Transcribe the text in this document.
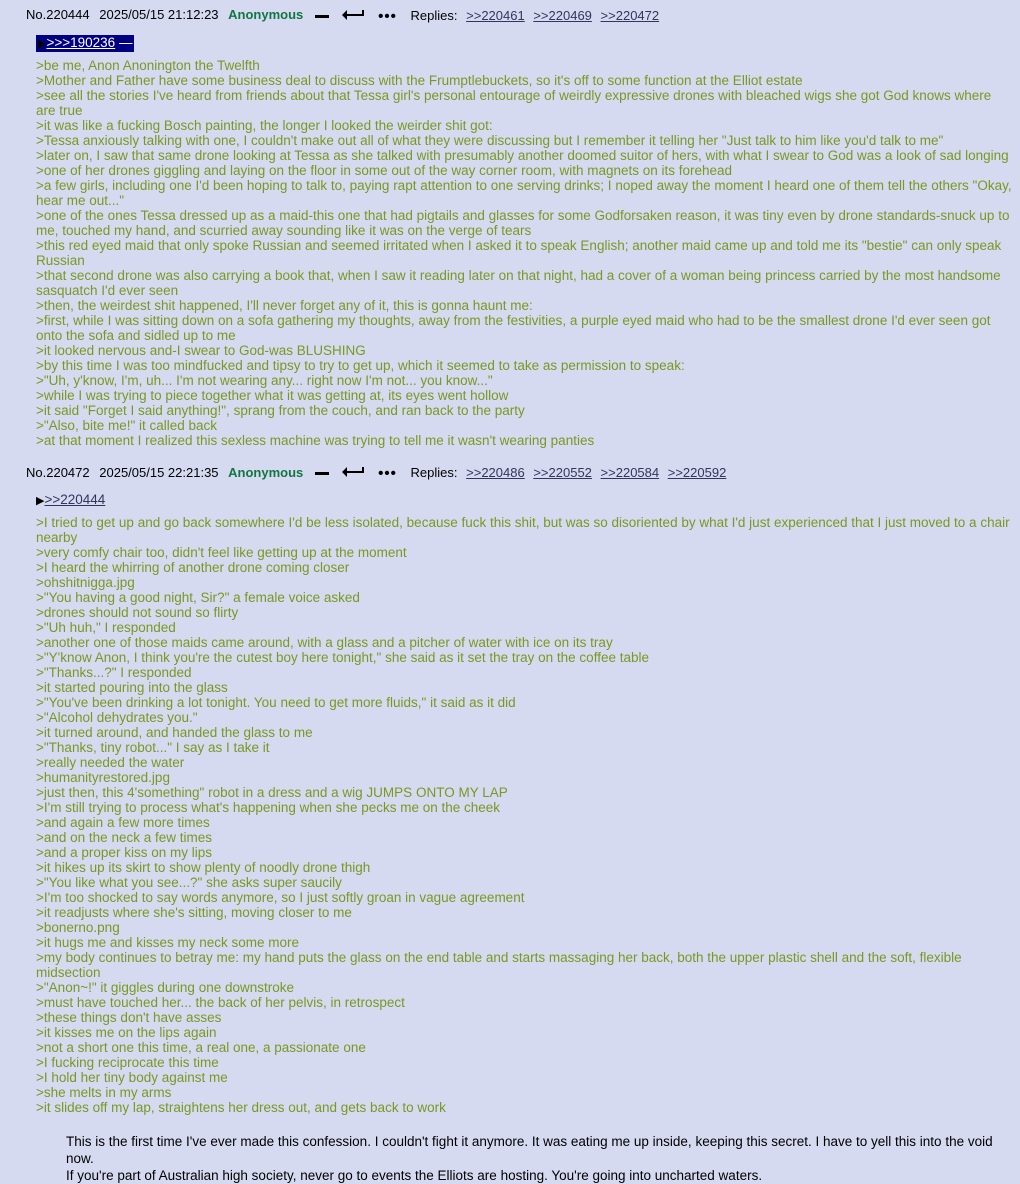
No.220444 2025/05/15 21:12:23 Anonymous	••• Replies: >>220461 >>220469 >>220472
▶>>>190236 —
>be me, Anon Anonington the Twelfth
>Mother and Father have some business deal to discuss with the Frumptlebuckets, so it's off to some function at the Elliot estate
>see all the stories I've heard from friends about that Tessa girl's personal entourage of weirdly expressive drones with bleached wigs she got God knows where are true
>it was like a fucking Bosch painting, the longer I looked the weirder shit got:
>Tessa anxiously talking with one, I couldn't make out all of what they were discussing but I remember it telling her "Just talk to him like you'd talk to me"
>later on, I saw that same drone looking at Tessa as she talked with presumably another doomed suitor of hers, with what I swear to God was a look of sad longing
>one of her drones giggling and laying on the floor in some out of the way corner room, with magnets on its forehead
>a few girls, including one I'd been hoping to talk to, paying rapt attention to one serving drinks; I noped away the moment I heard one of them tell the others "Okay, hear me out..."
>one of the ones Tessa dressed up as a maid-this one that had pigtails and glasses for some Godforsaken reason, it was tiny even by drone standards-snuck up to me, touched my hand, and scurried away sounding like it was on the verge of tears
>this red eyed maid that only spoke Russian and seemed irritated when I asked it to speak English; another maid came up and told me its "bestie" can only speak Russian
>that second drone was also carrying a book that, when I saw it reading later on that night, had a cover of a woman being princess carried by the most handsome sasquatch I'd ever seen
>then, the weirdest shit happened, I'll never forget any of it, this is gonna haunt me:
>first, while I was sitting down on a sofa gathering my thoughts, away from the festivities, a purple eyed maid who had to be the smallest drone I'd ever seen got onto the sofa and sidled up to me
>it looked nervous and-I swear to God-was BLUSHING
>by this time I was too mindfucked and tipsy to try to get up, which it seemed to take as permission to speak:
>"Uh, y'know, I'm, uh... I'm not wearing any... right now I'm not... you know..."
>while I was trying to piece together what it was getting at, its eyes went hollow
>it said "Forget I said anything!", sprang from the couch, and ran back to the party
>"Also, bite me!" it called back
>at that moment I realized this sexless machine was trying to tell me it wasn't wearing panties
No.220472 2025/05/15 22:21:35 Anonymous	••• Replies: >>220486 >>220552 >>220584 >>220592
▶>>220444
>I tried to get up and go back somewhere I'd be less isolated, because fuck this shit, but was so disoriented by what I'd just experienced that I just moved to a chair nearby
>very comfy chair too, didn't feel like getting up at the moment
>I heard the whirring of another drone coming closer
>ohshitnigga.jpg
>"You having a good night, Sir?" a female voice asked
>drones should not sound so flirty
>"Uh huh," I responded
>another one of those maids came around, with a glass and a pitcher of water with ice on its tray
>"Y'know Anon, I think you're the cutest boy here tonight," she said as it set the tray on the coffee table
>"Thanks...?" I responded
>it started pouring into the glass
>"You've been drinking a lot tonight. You need to get more fluids," it said as it did
>"Alcohol dehydrates you."
>it turned around, and handed the glass to me
>"Thanks, tiny robot..." I say as I take it
>really needed the water
>humanityrestored.jpg
>just then, this 4'something" robot in a dress and a wig JUMPS ONTO MY LAP
>I'm still trying to process what's happening when she pecks me on the cheek
>and again a few more times
>and on the neck a few times
>and a proper kiss on my lips
>it hikes up its skirt to show plenty of noodly drone thigh
>"You like what you see...?" she asks super saucily
>I'm too shocked to say words anymore, so I just softly groan in vague agreement
>it readjusts where she's sitting, moving closer to me
>bonerno.png
>it hugs me and kisses my neck some more
>my body continues to betray me: my hand puts the glass on the end table and starts massaging her back, both the upper plastic shell and the soft, flexible midsection
>"Anon~!" it giggles during one downstroke
>must have touched her... the back of her pelvis, in retrospect
>these things don't have asses
>it kisses me on the lips again
>not a short one this time, a real one, a passionate one
>I fucking reciprocate this time
>I hold her tiny body against me
>she melts in my arms
>it slides off my lap, straightens her dress out, and gets back to work
This is the first time I've ever made this confession. I couldn't fight it anymore. It was eating me up inside, keeping this secret. I have to yell this into the void now.
If you're part of Australian high society, never go to events the Elliots are hosting. You're going into uncharted waters.
